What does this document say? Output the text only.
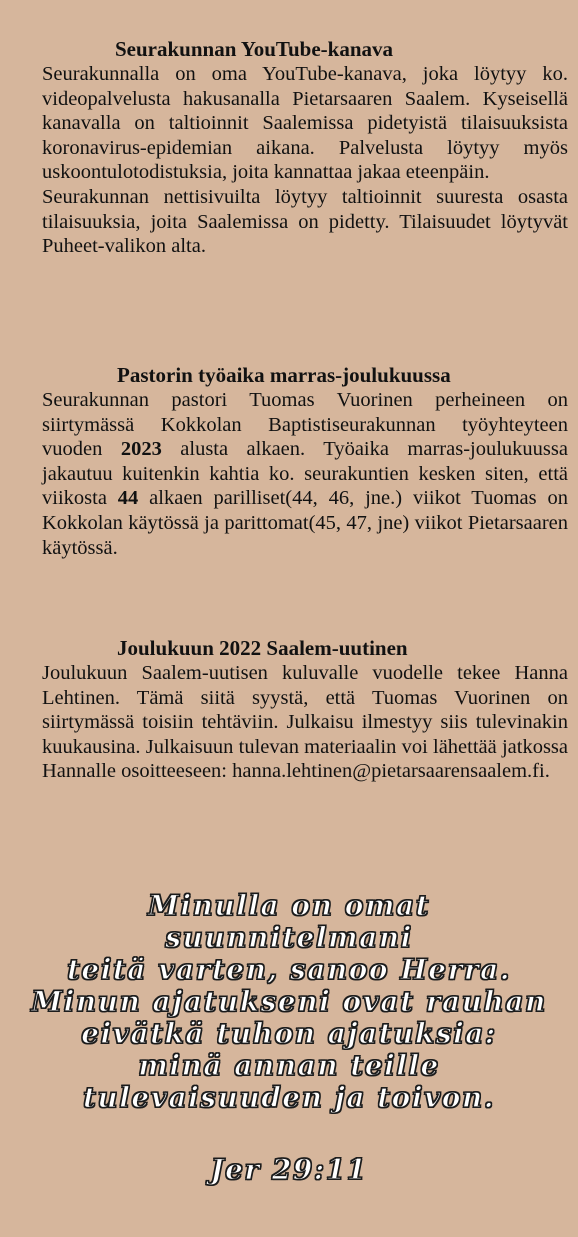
Seurakunnan YouTube-kanava

Seurakunnalla on oma YouTube-kanava, joka löytyy ko. videopalvelusta hakusanalla Pietarsaaren Saalem. Kyseisellä kanavalla on taltioinnit Saalemissa pidetyistä tilaisuuksista koronavirus-epidemian aikana. Palvelusta löytyy myös uskoontulotodistuksia, joita kannattaa jakaa eteenpäin.

Seurakunnan nettisivuilta löytyy taltioinnit suuresta osasta tilaisuuksia, joita Saalemissa on pidetty. Tilaisuudet löytyvät Puheet-valikon alta.

Pastorin työaika marras-joulukuussa

Seurakunnan pastori Tuomas Vuorinen perheineen on siirtymässä Kokkolan Baptistiseurakunnan työyhteyteen vuoden 2023 alusta alkaen. Työaika marras-joulukuussa jakautuu kuitenkin kahtia ko. seurakuntien kesken siten, että viikosta 44 alkaen parilliset(44, 46, jne.) viikot Tuomas on Kokkolan käytössä ja parittomat(45, 47, jne) viikot Pietarsaaren käytössä.

Joulukuun 2022 Saalem-uutinen

Joulukuun Saalem-uutisen kuluvalle vuodelle tekee Hanna Lehtinen. Tämä siitä syystä, että Tuomas Vuorinen on siirtymässä toisiin tehtäviin. Julkaisu ilmestyy siis tulevinakin kuukausina. Julkaisuun tulevan materiaalin voi lähettää jatkossa Hannalle osoitteeseen: hanna.lehtinen@pietarsaarensaalem.fi.

Minulla on omat suunnitelmani
teitä varten, sanoo Herra.
Minun ajatukseni ovat rauhan
eivätkä tuhon ajatuksia:
minä annan teille
tulevaisuuden ja toivon.
Jer 29:11
